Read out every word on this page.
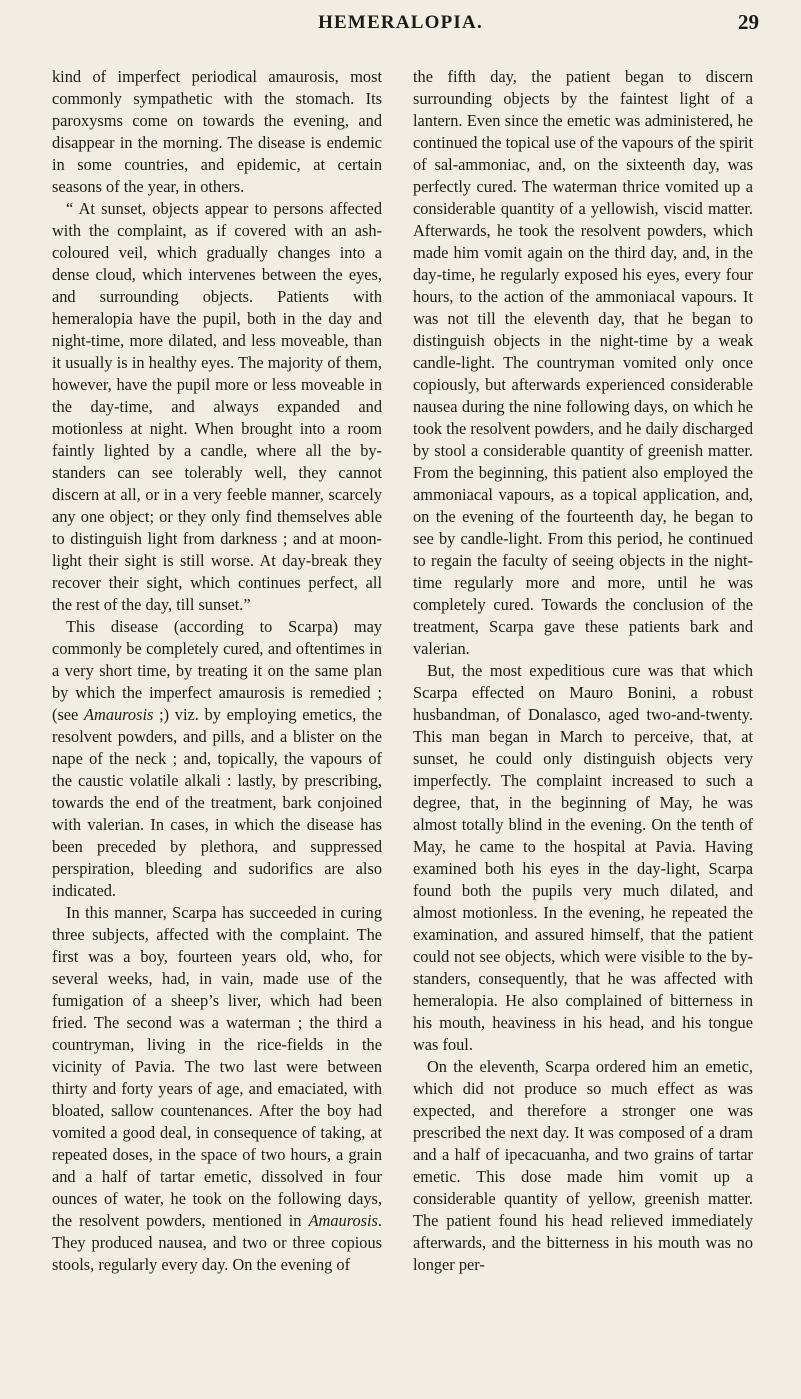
HEMERALOPIA.	29

kind of imperfect periodical amaurosis, most commonly sympathetic with the stomach. Its paroxysms come on towards the evening, and disappear in the morning. The disease is endemic in some countries, and epidemic, at certain seasons of the year, in others.

“ At sunset, objects appear to persons affected with the complaint, as if covered with an ash-coloured veil, which gradually changes into a dense cloud, which intervenes between the eyes, and surrounding objects. Patients with hemeralopia have the pupil, both in the day and night-time, more dilated, and less moveable, than it usually is in healthy eyes. The majority of them, however, have the pupil more or less moveable in the day-time, and always expanded and motionless at night. When brought into a room faintly lighted by a candle, where all the by-standers can see tolerably well, they cannot discern at all, or in a very feeble manner, scarcely any one object; or they only find themselves able to distinguish light from darkness ; and at moon-light their sight is still worse. At day-break they recover their sight, which continues perfect, all the rest of the day, till sunset.”

This disease (according to Scarpa) may commonly be completely cured, and oftentimes in a very short time, by treating it on the same plan by which the imperfect amaurosis is remedied ; (see Amaurosis ;) viz. by employing emetics, the resolvent powders, and pills, and a blister on the nape of the neck ; and, topically, the vapours of the caustic volatile alkali : lastly, by prescribing, towards the end of the treatment, bark conjoined with valerian. In cases, in which the disease has been preceded by plethora, and suppressed perspiration, bleeding and sudorifics are also indicated.

In this manner, Scarpa has succeeded in curing three subjects, affected with the complaint. The first was a boy, fourteen years old, who, for several weeks, had, in vain, made use of the fumigation of a sheep’s liver, which had been fried. The second was a waterman ; the third a countryman, living in the rice-fields in the vicinity of Pavia. The two last were between thirty and forty years of age, and emaciated, with bloated, sallow countenances. After the boy had vomited a good deal, in consequence of taking, at repeated doses, in the space of two hours, a grain and a half of tartar emetic, dissolved in four ounces of water, he took on the following days, the resolvent powders, mentioned in Amaurosis. They produced nausea, and two or three copious stools, regularly every day. On the evening of

the fifth day, the patient began to discern surrounding objects by the faintest light of a lantern. Even since the emetic was administered, he continued the topical use of the vapours of the spirit of sal-ammoniac, and, on the sixteenth day, was perfectly cured. The waterman thrice vomited up a considerable quantity of a yellowish, viscid matter. Afterwards, he took the resolvent powders, which made him vomit again on the third day, and, in the day-time, he regularly exposed his eyes, every four hours, to the action of the ammoniacal vapours. It was not till the eleventh day, that he began to distinguish objects in the night-time by a weak candle-light. The countryman vomited only once copiously, but afterwards experienced considerable nausea during the nine following days, on which he took the resolvent powders, and he daily discharged by stool a considerable quantity of greenish matter. From the beginning, this patient also employed the ammoniacal vapours, as a topical application, and, on the evening of the fourteenth day, he began to see by candle-light. From this period, he continued to regain the faculty of seeing objects in the night-time regularly more and more, until he was completely cured. Towards the conclusion of the treatment, Scarpa gave these patients bark and valerian.

But, the most expeditious cure was that which Scarpa effected on Mauro Bonini, a robust husbandman, of Donalasco, aged two-and-twenty. This man began in March to perceive, that, at sunset, he could only distinguish objects very imperfectly. The complaint increased to such a degree, that, in the beginning of May, he was almost totally blind in the evening. On the tenth of May, he came to the hospital at Pavia. Having examined both his eyes in the day-light, Scarpa found both the pupils very much dilated, and almost motionless. In the evening, he repeated the examination, and assured himself, that the patient could not see objects, which were visible to the by-standers, consequently, that he was affected with hemeralopia. He also complained of bitterness in his mouth, heaviness in his head, and his tongue was foul.

On the eleventh, Scarpa ordered him an emetic, which did not produce so much effect as was expected, and therefore a stronger one was prescribed the next day. It was composed of a dram and a half of ipecacuanha, and two grains of tartar emetic. This dose made him vomit up a considerable quantity of yellow, greenish matter. The patient found his head relieved immediately afterwards, and the bitterness in his mouth was no longer per-
